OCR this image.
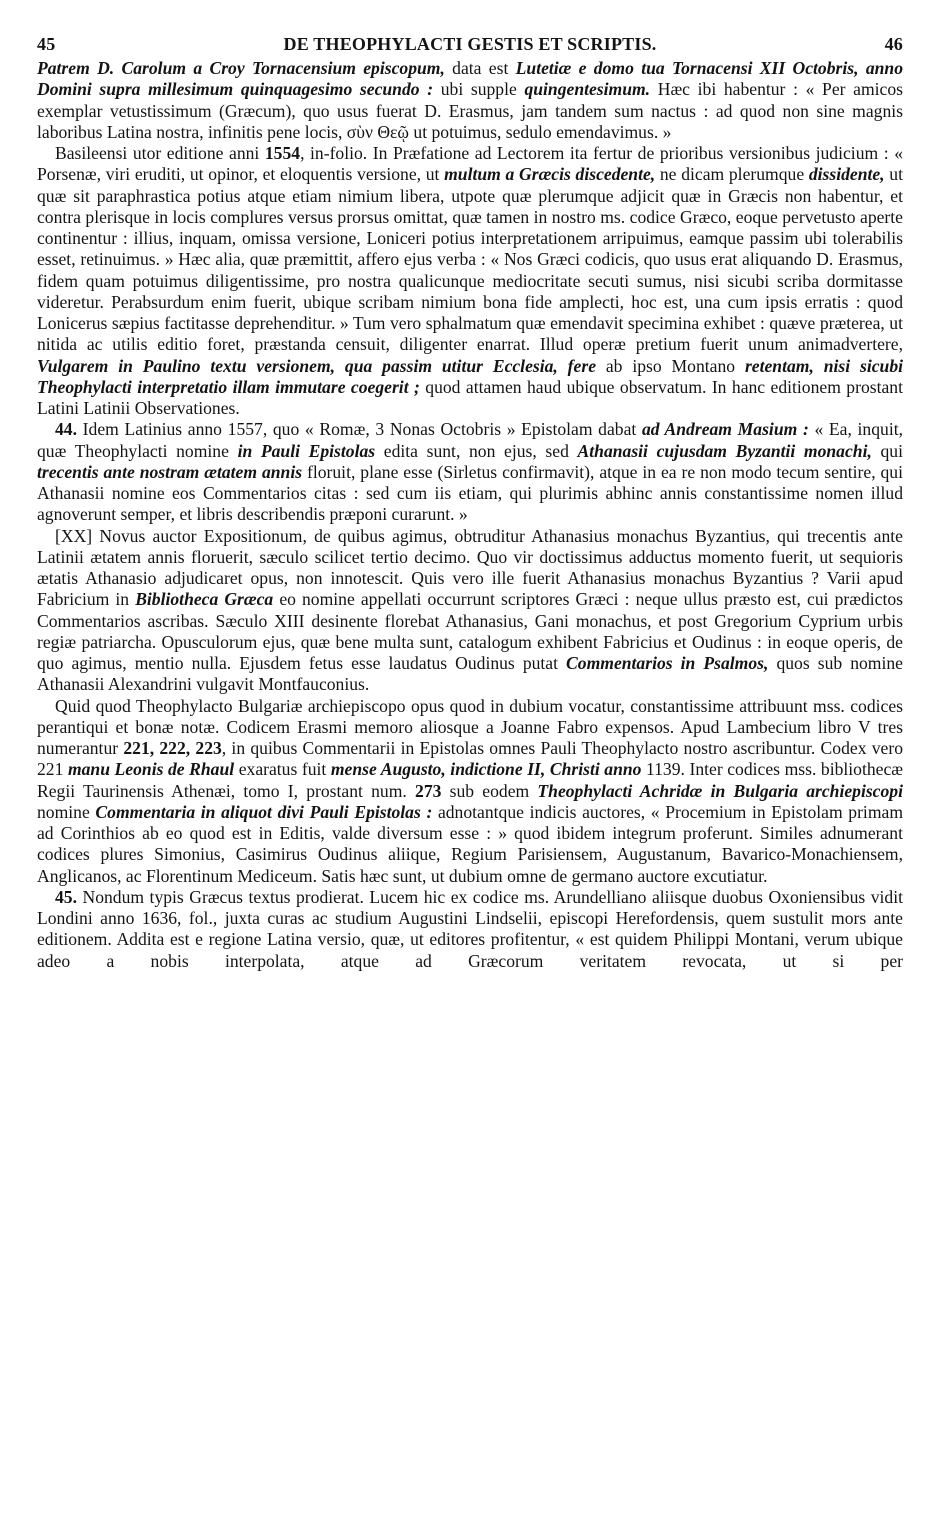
45	DE THEOPHYLACTI GESTIS ET SCRIPTIS.	46

Patrem D. Carolum a Croy Tornacensium episcopum, data est Lutetiæ e domo tua Tornacensi XII Octobris, anno Domini supra millesimum quinquagesimo secundo : ubi supple quingentesimum. Hæc ibi habentur : « Per amicos exemplar vetustissimum (Græcum), quo usus fuerat D. Erasmus, jam tandem sum nactus : ad quod non sine magnis laboribus Latina nostra, infinitis pene locis, σὺν Θεῷ ut potuimus, sedulo emendavimus. »

Basileensi utor editione anni 1554, in-folio. In Præfatione ad Lectorem ita fertur de prioribus versionibus judicium : « Porsenæ, viri eruditi, ut opinor, et eloquentis versione, ut multum a Græcis discedente, ne dicam plerumque dissidente, ut quæ sit paraphrastica potius atque etiam nimium libera, utpote quæ plerumque adjicit quæ in Græcis non habentur, et contra plerisque in locis complures versus prorsus omittat, quæ tamen in nostro ms. codice Græco, eoque pervetusto aperte continentur : illius, inquam, omissa versione, Loniceri potius interpretationem arripuimus, eamque passim ubi tolerabilis esset, retinuimus. » Hæc alia, quæ præmittit, affero ejus verba : « Nos Græci codicis, quo usus erat aliquando D. Erasmus, fidem quam potuimus diligentissime, pro nostra qualicunque mediocritate secuti sumus, nisi sicubi scriba dormitasse videretur. Perabsurdum enim fuerit, ubique scribam nimium bona fide amplecti, hoc est, una cum ipsis erratis : quod Lonicerus sæpius factitasse deprehenditur. » Tum vero sphalmatum quæ emendavit specimina exhibet : quæve præterea, ut nitida ac utilis editio foret, præstanda censuit, diligenter enarrat. Illud operæ pretium fuerit unum animadvertere, Vulgarem in Paulino textu versionem, qua passim utitur Ecclesia, fere ab ipso Montano retentam, nisi sicubi Theophylacti interpretatio illam immutare coegerit ; quod attamen haud ubique observatum. In hanc editionem prostant Latini Latinii Observationes.

44. Idem Latinius anno 1557, quo « Romæ, 3 Nonas Octobris » Epistolam dabat ad Andream Masium : « Ea, inquit, quæ Theophylacti nomine in Pauli Epistolas edita sunt, non ejus, sed Athanasii cujusdam Byzantii monachi, qui trecentis ante nostram ætatem annis floruit, plane esse (Sirletus confirmavit), atque in ea re non modo tecum sentire, qui Athanasii nomine eos Commentarios citas : sed cum iis etiam, qui plurimis abhinc annis constantissime nomen illud agnoverunt semper, et libris describendis præponi curarunt. »

[XX] Novus auctor Expositionum, de quibus agimus, obtruditur Athanasius monachus Byzantius, qui trecentis ante Latinii ætatem annis floruerit, sæculo scilicet tertio decimo. Quo vir doctissimus adductus momento fuerit, ut sequioris ætatis Athanasio adjudicaret opus, non innotescit. Quis vero ille fuerit Athanasius monachus Byzantius ? Varii apud Fabricium in Bibliotheca Græca eo nomine appellati occurrunt scriptores Græci : neque ullus præsto est, cui prædictos Commentarios ascribas. Sæculo XIII desinente florebat Athanasius, Gani monachus, et post Gregorium Cyprium urbis regiæ patriarcha. Opusculorum ejus, quæ bene multa sunt, catalogum exhibent Fabricius et Oudinus : in eoque operis, de quo agimus, mentio nulla. Ejusdem fetus esse laudatus Oudinus putat Commentarios in Psalmos, quos sub nomine Athanasii Alexandrini vulgavit Montfauconius.

Quid quod Theophylacto Bulgariæ archiepiscopo opus quod in dubium vocatur, constantissime attribuunt mss. codices perantiqui et bonæ notæ. Codicem Erasmi memoro aliosque a Joanne Fabro expensos. Apud Lambecium libro V tres numerantur 221, 222, 223, in quibus Commentarii in Epistolas omnes Pauli Theophylacto nostro ascribuntur. Codex vero 221 manu Leonis de Rhaul exaratus fuit mense Augusto, indictione II, Christi anno 1139. Inter codices mss. bibliothecæ Regii Taurinensis Athenæi, tomo I, prostant num. 273 sub eodem Theophylacti Achridæ in Bulgaria archiepiscopi nomine Commentaria in aliquot divi Pauli Epistolas : adnotantque indicis auctores, « Procemium in Epistolam primam ad Corinthios ab eo quod est in Editis, valde diversum esse : » quod ibidem integrum proferunt. Similes adnumerant codices plures Simonius, Casimirus Oudinus aliique, Regium Parisiensem, Augustanum, Bavarico-Monachiensem, Anglicanos, ac Florentinum Mediceum. Satis hæc sunt, ut dubium omne de germano auctore excutiatur.

45. Nondum typis Græcus textus prodierat. Lucem hic ex codice ms. Arundelliano aliisque duobus Oxoniensibus vidit Londini anno 1636, fol., juxta curas ac studium Augustini Lindselii, episcopi Herefordensis, quem sustulit mors ante editionem. Addita est e regione Latina versio, quæ, ut editores profitentur, « est quidem Philippi Montani, verum ubique adeo a nobis interpolata, atque ad Græcorum veritatem revocata, ut si per
